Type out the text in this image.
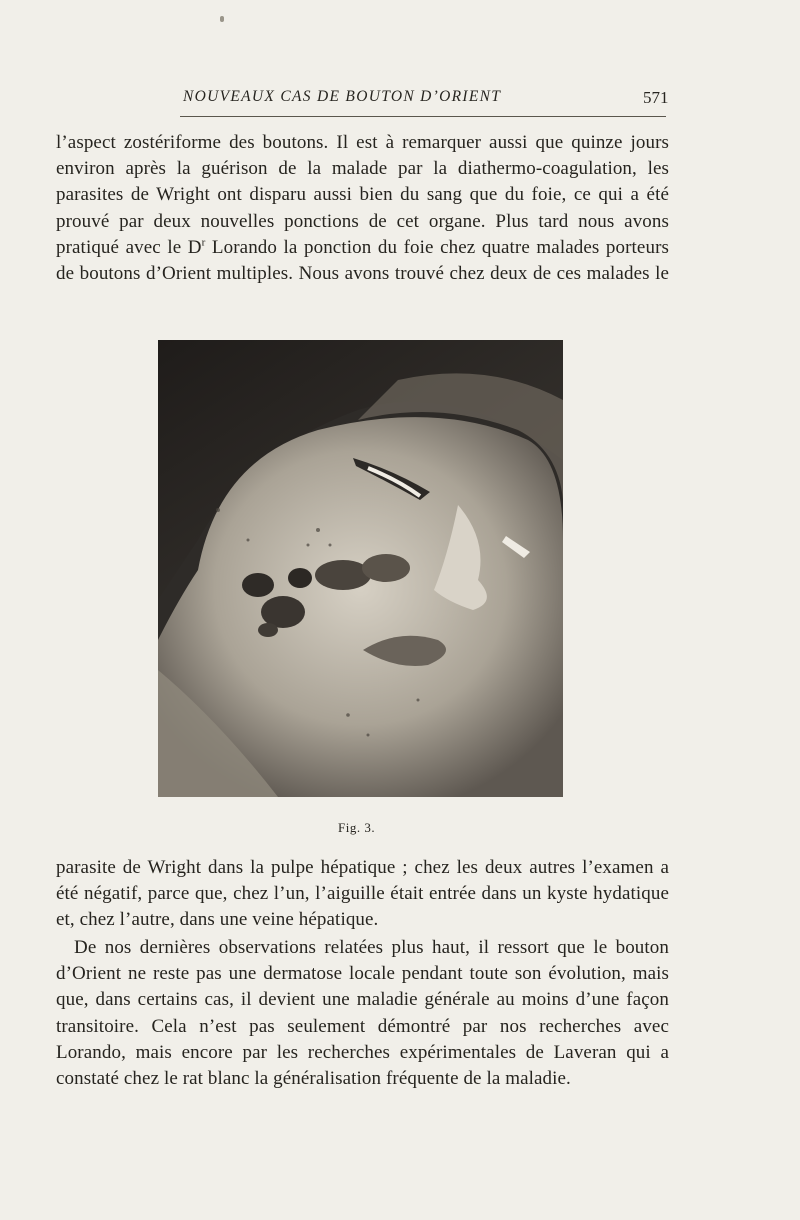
NOUVEAUX CAS DE BOUTON D’ORIENT	571

l’aspect zostériforme des boutons. Il est à remarquer aussi que quinze jours environ après la guérison de la malade par la diathermo-coagulation, les parasites de Wright ont disparu aussi bien du sang que du foie, ce qui a été prouvé par deux nouvelles ponctions de cet organe. Plus tard nous avons pratiqué avec le $D^r$ Lorando la ponction du foie chez quatre malades porteurs de boutons d’Orient multiples. Nous avons trouvé chez deux de ces malades le

Fig. 3.

parasite de Wright dans la pulpe hépatique ; chez les deux autres l’examen a été négatif, parce que, chez l’un, l’aiguille était entrée dans un kyste hydatique et, chez l’autre, dans une veine hépatique.

De nos dernières observations relatées plus haut, il ressort que le bouton d’Orient ne reste pas une dermatose locale pendant toute son évolution, mais que, dans certains cas, il devient une maladie générale au moins d’une façon transitoire. Cela n’est pas seulement démontré par nos recherches avec Lorando, mais encore par les recherches expérimentales de Laveran qui a constaté chez le rat blanc la généralisation fréquente de la maladie.
